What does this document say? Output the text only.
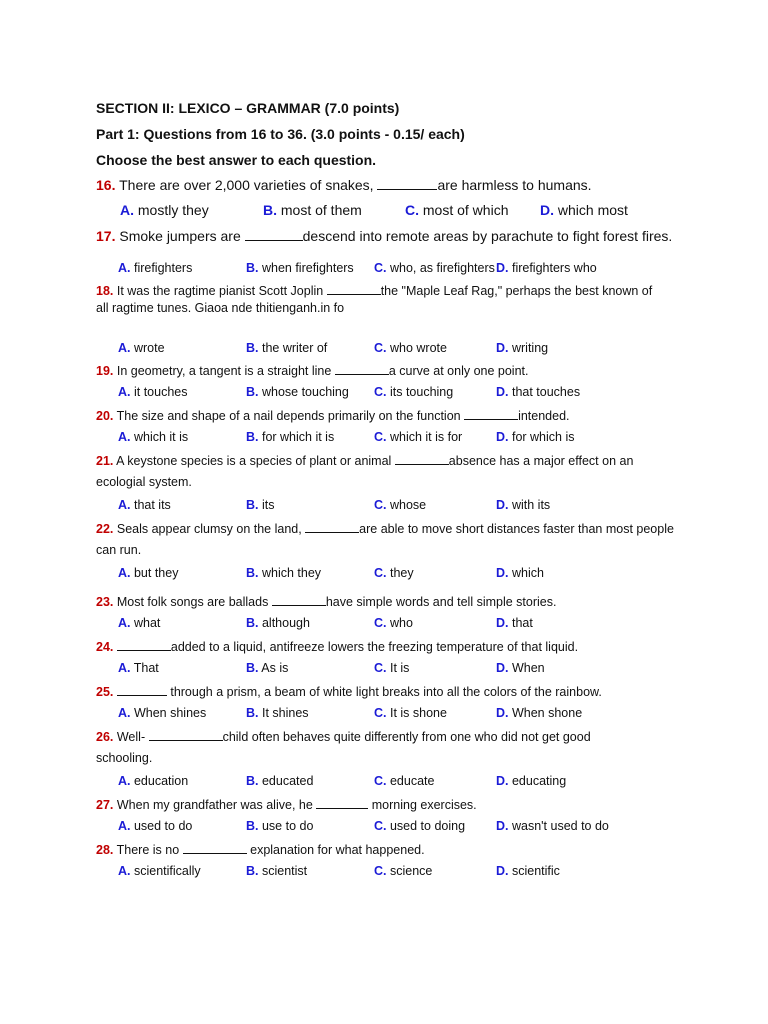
SECTION II: LEXICO – GRAMMAR (7.0 points)
Part 1: Questions from 16 to 36. (3.0 points - 0.15/ each)
Choose the best answer to each question.
16. There are over 2,000 varieties of snakes,	are harmless to humans.
A. mostly they	B. most of them	C. most of which D. which most
17. Smoke jumpers are	descend into remote areas by parachute to fight forest fires.
A. firefighters	B. when firefighters C. who, as firefighters D. firefighters who
18. It was the ragtime pianist Scott Joplin	the "Maple Leaf Rag," perhaps the best known of
all ragtime tunes. Giaoa nde thitienganh.in fo
A. wrote	B. the writer of	C. who wrote	D. writing
19. In geometry, a tangent is a straight line	a curve at only one point.
A. it touches	B. whose touching C. its touching	D. that touches
20. The size and shape of a nail depends primarily on the function	intended.
A. which it is	B. for which it is	C. which it is for	D. for which is
21. A keystone species is a species of plant or animal	absence has a major effect on an
ecologial system.
A. that its	B. its	C. whose	D. with its
22. Seals appear clumsy on the land,	are able to move short distances faster than most people
can run.
A. but they	B. which they	C. they	D. which
23. Most folk songs are ballads	have simple words and tell simple stories.
A. what	B. although	C. who	D. that
24.	added to a liquid, antifreeze lowers the freezing temperature of that liquid.
A. That	B. As is	C. It is	D. When
25.	through a prism, a beam of white light breaks into all the colors of the rainbow.
A. When shines	B. It shines	C. It is shone	D. When shone
26. Well-	child often behaves quite differently from one who did not get good
schooling.
A. education	B. educated	C. educate	D. educating
27. When my grandfather was alive, he	morning exercises.
A. used to do	B. use to do	C. used to doing D. wasn't used to do
28. There is no	explanation for what happened.
A. scientifically	B. scientist	C. science	D. scientific
